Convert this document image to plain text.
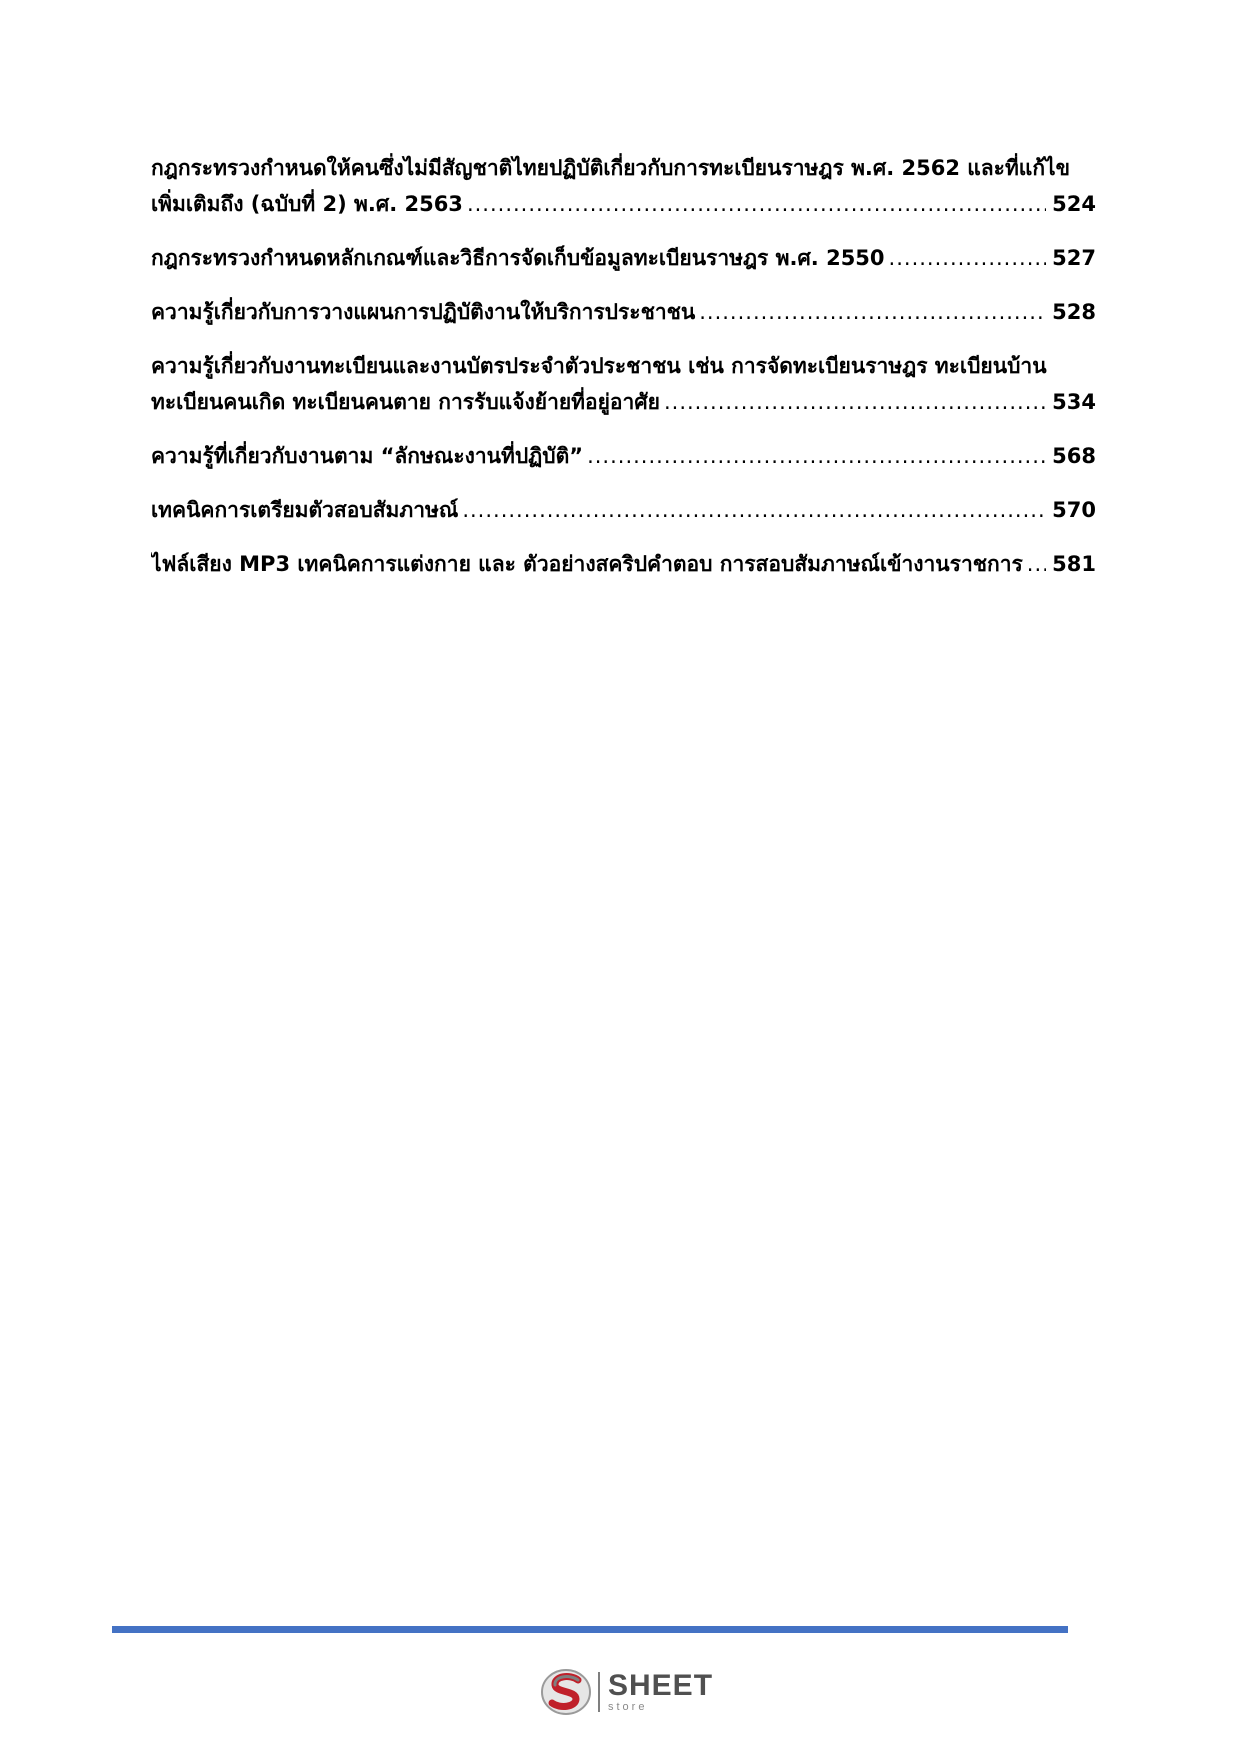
กฎกระทรวงกำหนดให้คนซึ่งไม่มีสัญชาติไทยปฏิบัติเกี่ยวกับการทะเบียนราษฎร พ.ศ. 2562 และที่แก้ไข
เพิ่มเติมถึง (ฉบับที่ 2) พ.ศ. 2563 .....	524
กฎกระทรวงกำหนดหลักเกณฑ์และวิธีการจัดเก็บข้อมูลทะเบียนราษฎร พ.ศ. 2550 .....	527
ความรู้เกี่ยวกับการวางแผนการปฏิบัติงานให้บริการประชาชน .....	528
ความรู้เกี่ยวกับงานทะเบียนและงานบัตรประจำตัวประชาชน เช่น การจัดทะเบียนราษฎร ทะเบียนบ้าน
ทะเบียนคนเกิด ทะเบียนคนตาย การรับแจ้งย้ายที่อยู่อาศัย .....	534
ความรู้ที่เกี่ยวกับงานตาม “ลักษณะงานที่ปฏิบัติ” .....	568
เทคนิคการเตรียมตัวสอบสัมภาษณ์ .....	570
ไฟล์เสียง MP3 เทคนิคการแต่งกาย และ ตัวอย่างสคริปคำตอบ การสอบสัมภาษณ์เข้างานราชการ ..... 581
SHEET
store
